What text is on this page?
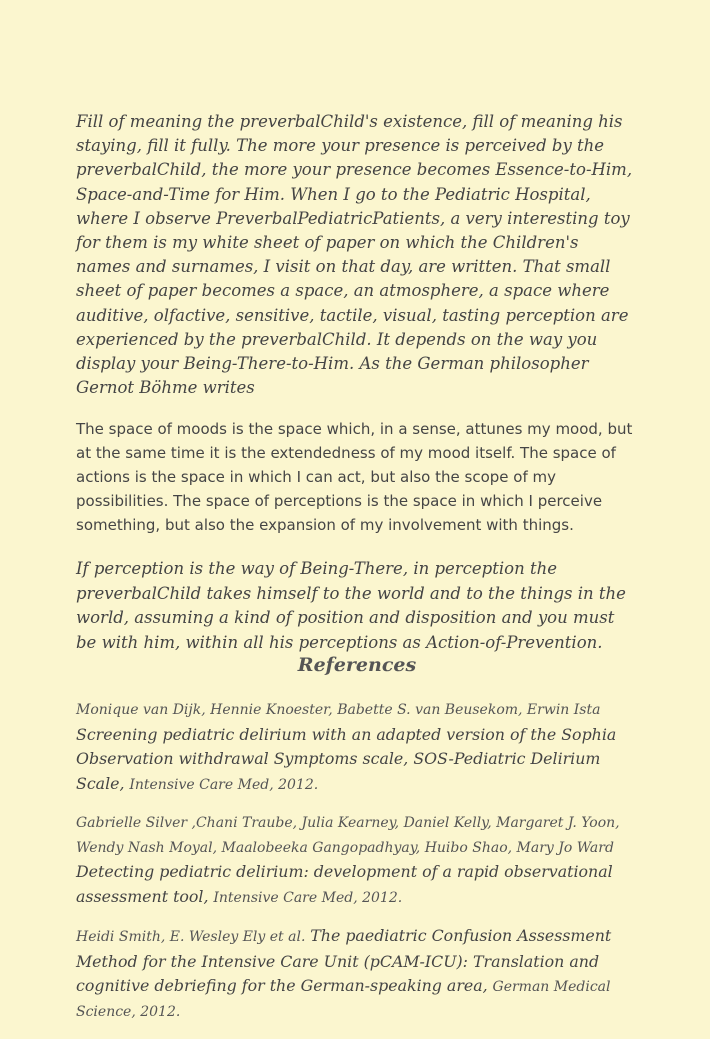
Fill of meaning the preverbalChild's existence, fill of meaning his staying, fill it fully. The more your presence is perceived by the preverbalChild, the more your presence becomes Essence-to-Him, Space-and-Time for Him. When I go to the Pediatric Hospital, where I observe PreverbalPediatricPatients, a very interesting toy for them is my white sheet of paper on which the Children's names and surnames, I visit on that day, are written. That small sheet of paper becomes a space, an atmosphere, a space where auditive, olfactive, sensitive, tactile, visual, tasting perception are experienced by the preverbalChild. It depends on the way you display your Being-There-to-Him. As the German philosopher Gernot Böhme writes

The space of moods is the space which, in a sense, attunes my mood, but at the same time it is the extendedness of my mood itself. The space of actions is the space in which I can act, but also the scope of my possibilities. The space of perceptions is the space in which I perceive something, but also the expansion of my involvement with things.

If perception is the way of Being-There, in perception the preverbalChild takes himself to the world and to the things in the world, assuming a kind of position and disposition and you must be with him, within all his perceptions as Action-of-Prevention.

References

Monique van Dijk, Hennie Knoester, Babette S. van Beusekom, Erwin Ista   Screening pediatric delirium with an adapted version of the Sophia Observation withdrawal Symptoms scale, SOS-Pediatric Delirium Scale, Intensive Care Med, 2012.

Gabrielle Silver ,Chani Traube, Julia Kearney, Daniel Kelly, Margaret J. Yoon, Wendy Nash Moyal, Maalobeeka Gangopadhyay, Huibo Shao, Mary Jo Ward   Detecting pediatric delirium: development of a rapid observational assessment tool, Intensive Care Med, 2012.

Heidi Smith, E. Wesley Ely et al. The paediatric Confusion Assessment Method for the Intensive Care Unit (pCAM-ICU): Translation and cognitive debriefing for the German-speaking area, German Medical Science, 2012.
